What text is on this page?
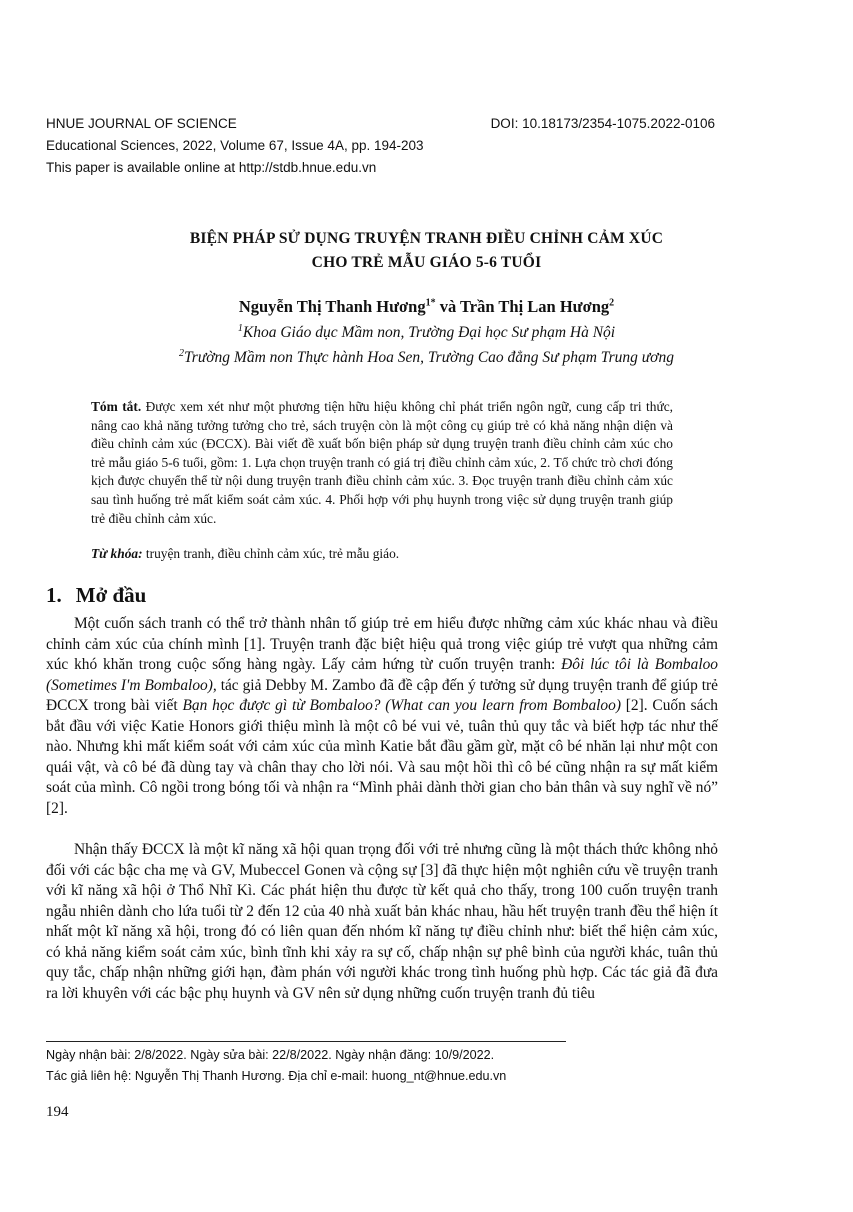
HNUE JOURNAL OF SCIENCE	DOI: 10.18173/2354-1075.2022-0106
Educational Sciences, 2022, Volume 67, Issue 4A, pp. 194-203
This paper is available online at http://stdb.hnue.edu.vn
BIỆN PHÁP SỬ DỤNG TRUYỆN TRANH ĐIỀU CHỈNH CẢM XÚC
CHO TRẺ MẪU GIÁO 5-6 TUỔI
Nguyễn Thị Thanh Hương$^{1*}$ và Trần Thị Lan Hương$^2$
$^1$Khoa Giáo dục Mầm non, Trường Đại học Sư phạm Hà Nội
$^2$Trường Mầm non Thực hành Hoa Sen, Trường Cao đẳng Sư phạm Trung ương
Tóm tắt. Được xem xét như một phương tiện hữu hiệu không chỉ phát triển ngôn ngữ, cung cấp tri thức, nâng cao khả năng tưởng tưởng cho trẻ, sách truyện còn là một công cụ giúp trẻ có khả năng nhận diện và điều chỉnh cảm xúc (ĐCCX). Bài viết đề xuất bốn biện pháp sử dụng truyện tranh điều chỉnh cảm xúc cho trẻ mẫu giáo 5-6 tuổi, gồm: 1. Lựa chọn truyện tranh có giá trị điều chỉnh cảm xúc, 2. Tổ chức trò chơi đóng kịch được chuyển thể từ nội dung truyện tranh điều chỉnh cảm xúc. 3. Đọc truyện tranh điều chỉnh cảm xúc sau tình huống trẻ mất kiểm soát cảm xúc. 4. Phối hợp với phụ huynh trong việc sử dụng truyện tranh giúp trẻ điều chỉnh cảm xúc.
Từ khóa: truyện tranh, điều chỉnh cảm xúc, trẻ mẫu giáo.
1. Mở đầu

Một cuốn sách tranh có thể trở thành nhân tố giúp trẻ em hiểu được những cảm xúc khác nhau và điều chỉnh cảm xúc của chính mình [1]. Truyện tranh đặc biệt hiệu quả trong việc giúp trẻ vượt qua những cảm xúc khó khăn trong cuộc sống hàng ngày. Lấy cảm hứng từ cuốn truyện tranh: Đôi lúc tôi là Bombaloo (Sometimes I'm Bombaloo), tác giả Debby M. Zambo đã đề cập đến ý tưởng sử dụng truyện tranh để giúp trẻ ĐCCX trong bài viết Bạn học được gì từ Bombaloo? (What can you learn from Bombaloo) [2]. Cuốn sách bắt đầu với việc Katie Honors giới thiệu mình là một cô bé vui vẻ, tuân thủ quy tắc và biết hợp tác như thế nào. Nhưng khi mất kiểm soát với cảm xúc của mình Katie bắt đầu gầm gừ, mặt cô bé nhăn lại như một con quái vật, và cô bé đã dùng tay và chân thay cho lời nói. Và sau một hồi thì cô bé cũng nhận ra sự mất kiểm soát của mình. Cô ngồi trong bóng tối và nhận ra “Mình phải dành thời gian cho bản thân và suy nghĩ về nó” [2].

Nhận thấy ĐCCX là một kĩ năng xã hội quan trọng đối với trẻ nhưng cũng là một thách thức không nhỏ đối với các bậc cha mẹ và GV, Mubeccel Gonen và cộng sự [3] đã thực hiện một nghiên cứu về truyện tranh với kĩ năng xã hội ở Thổ Nhĩ Kì. Các phát hiện thu được từ kết quả cho thấy, trong 100 cuốn truyện tranh ngẫu nhiên dành cho lứa tuổi từ 2 đến 12 của 40 nhà xuất bản khác nhau, hầu hết truyện tranh đều thể hiện ít nhất một kĩ năng xã hội, trong đó có liên quan đến nhóm kĩ năng tự điều chỉnh như: biết thể hiện cảm xúc, có khả năng kiểm soát cảm xúc, bình tĩnh khi xảy ra sự cố, chấp nhận sự phê bình của người khác, tuân thủ quy tắc, chấp nhận những giới hạn, đàm phán với người khác trong tình huống phù hợp. Các tác giả đã đưa ra lời khuyên với các bậc phụ huynh và GV nên sử dụng những cuốn truyện tranh đủ tiêu

Ngày nhận bài: 2/8/2022. Ngày sửa bài: 22/8/2022. Ngày nhận đăng: 10/9/2022.
Tác giả liên hệ: Nguyễn Thị Thanh Hương. Địa chỉ e-mail: huong_nt@hnue.edu.vn
194
